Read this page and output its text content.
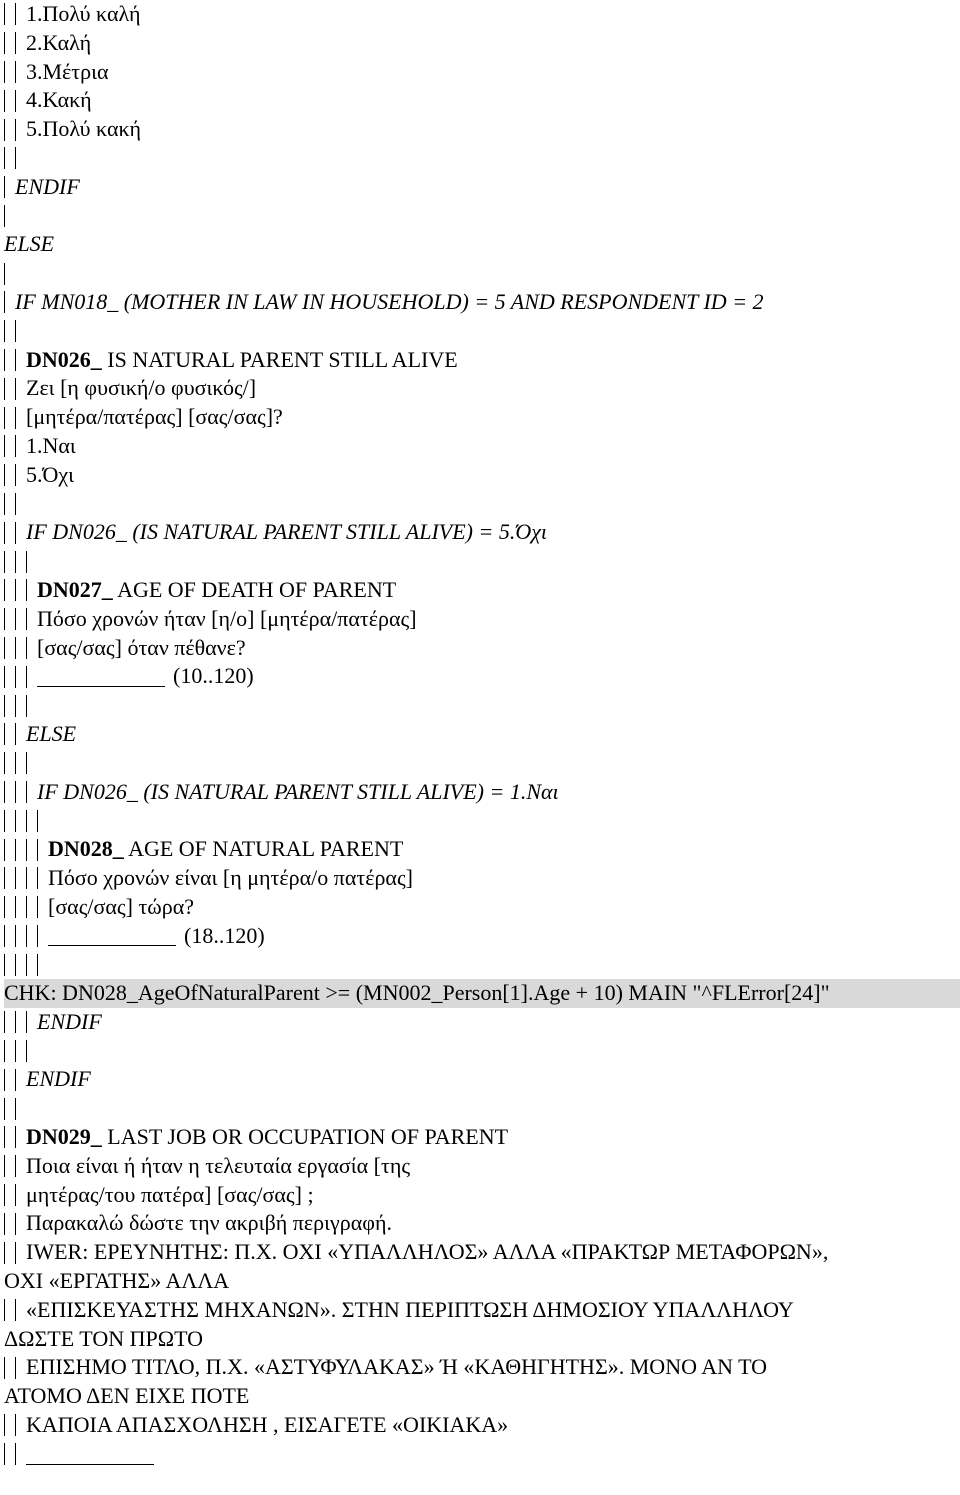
1.Πολύ καλή
2.Καλή
3.Μέτρια
4.Κακή
5.Πολύ κακή
ENDIF
ELSE
IF MN018_ (MOTHER IN LAW IN HOUSEHOLD) = 5 AND RESPONDENT ID = 2
DN026_ IS NATURAL PARENT STILL ALIVE
Ζει [η φυσική/ο φυσικός/]
[μητέρα/πατέρας] [σας/σας]?
1.Ναι
5.Όχι
IF DN026_ (IS NATURAL PARENT STILL ALIVE) = 5.Όχι
DN027_ AGE OF DEATH OF PARENT
Πόσο χρονών ήταν [η/ο] [μητέρα/πατέρας]
[σας/σας] όταν πέθανε?
(10..120)
ELSE
IF DN026_ (IS NATURAL PARENT STILL ALIVE) = 1.Ναι
DN028_ AGE OF NATURAL PARENT
Πόσο χρονών είναι [η μητέρα/ο πατέρας]
[σας/σας] τώρα?
(18..120)
CHK: DN028_AgeOfNaturalParent >= (MN002_Person[1].Age + 10) MAIN "^FLError[24]"
ENDIF
ENDIF
DN029_ LAST JOB OR OCCUPATION OF PARENT
Ποια είναι ή ήταν η τελευταία εργασία [της
μητέρας/του πατέρα] [σας/σας] ;
Παρακαλώ δώστε την ακριβή περιγραφή.
IWER: ΕΡΕΥΝΗΤΗΣ: Π.Χ. ΟΧΙ «ΥΠΑΛΛΗΛΟΣ» ΑΛΛΑ «ΠΡΑΚΤΩΡ ΜΕΤΑΦΟΡΩΝ»,
ΟΧΙ «ΕΡΓΑΤΗΣ» ΑΛΛΑ
«ΕΠΙΣΚΕΥΑΣΤΗΣ ΜΗΧΑΝΩΝ». ΣΤΗΝ ΠΕΡΙΠΤΩΣΗ ΔΗΜΟΣΙΟΥ ΥΠΑΛΛΗΛΟΥ
ΔΩΣΤΕ ΤΟΝ ΠΡΩΤΟ
ΕΠΙΣΗΜΟ ΤΙΤΛΟ, Π.Χ. «ΑΣΤΥΦΥΛΑΚΑΣ» Ή «ΚΑΘΗΓΗΤΗΣ». ΜΟΝΟ ΑΝ ΤΟ
ΑΤΟΜΟ ΔΕΝ ΕΙΧΕ ΠΟΤΕ
ΚΑΠΟΙΑ ΑΠΑΣΧΟΛΗΣΗ , ΕΙΣΑΓΕΤΕ «ΟΙΚΙΑΚΑ»
